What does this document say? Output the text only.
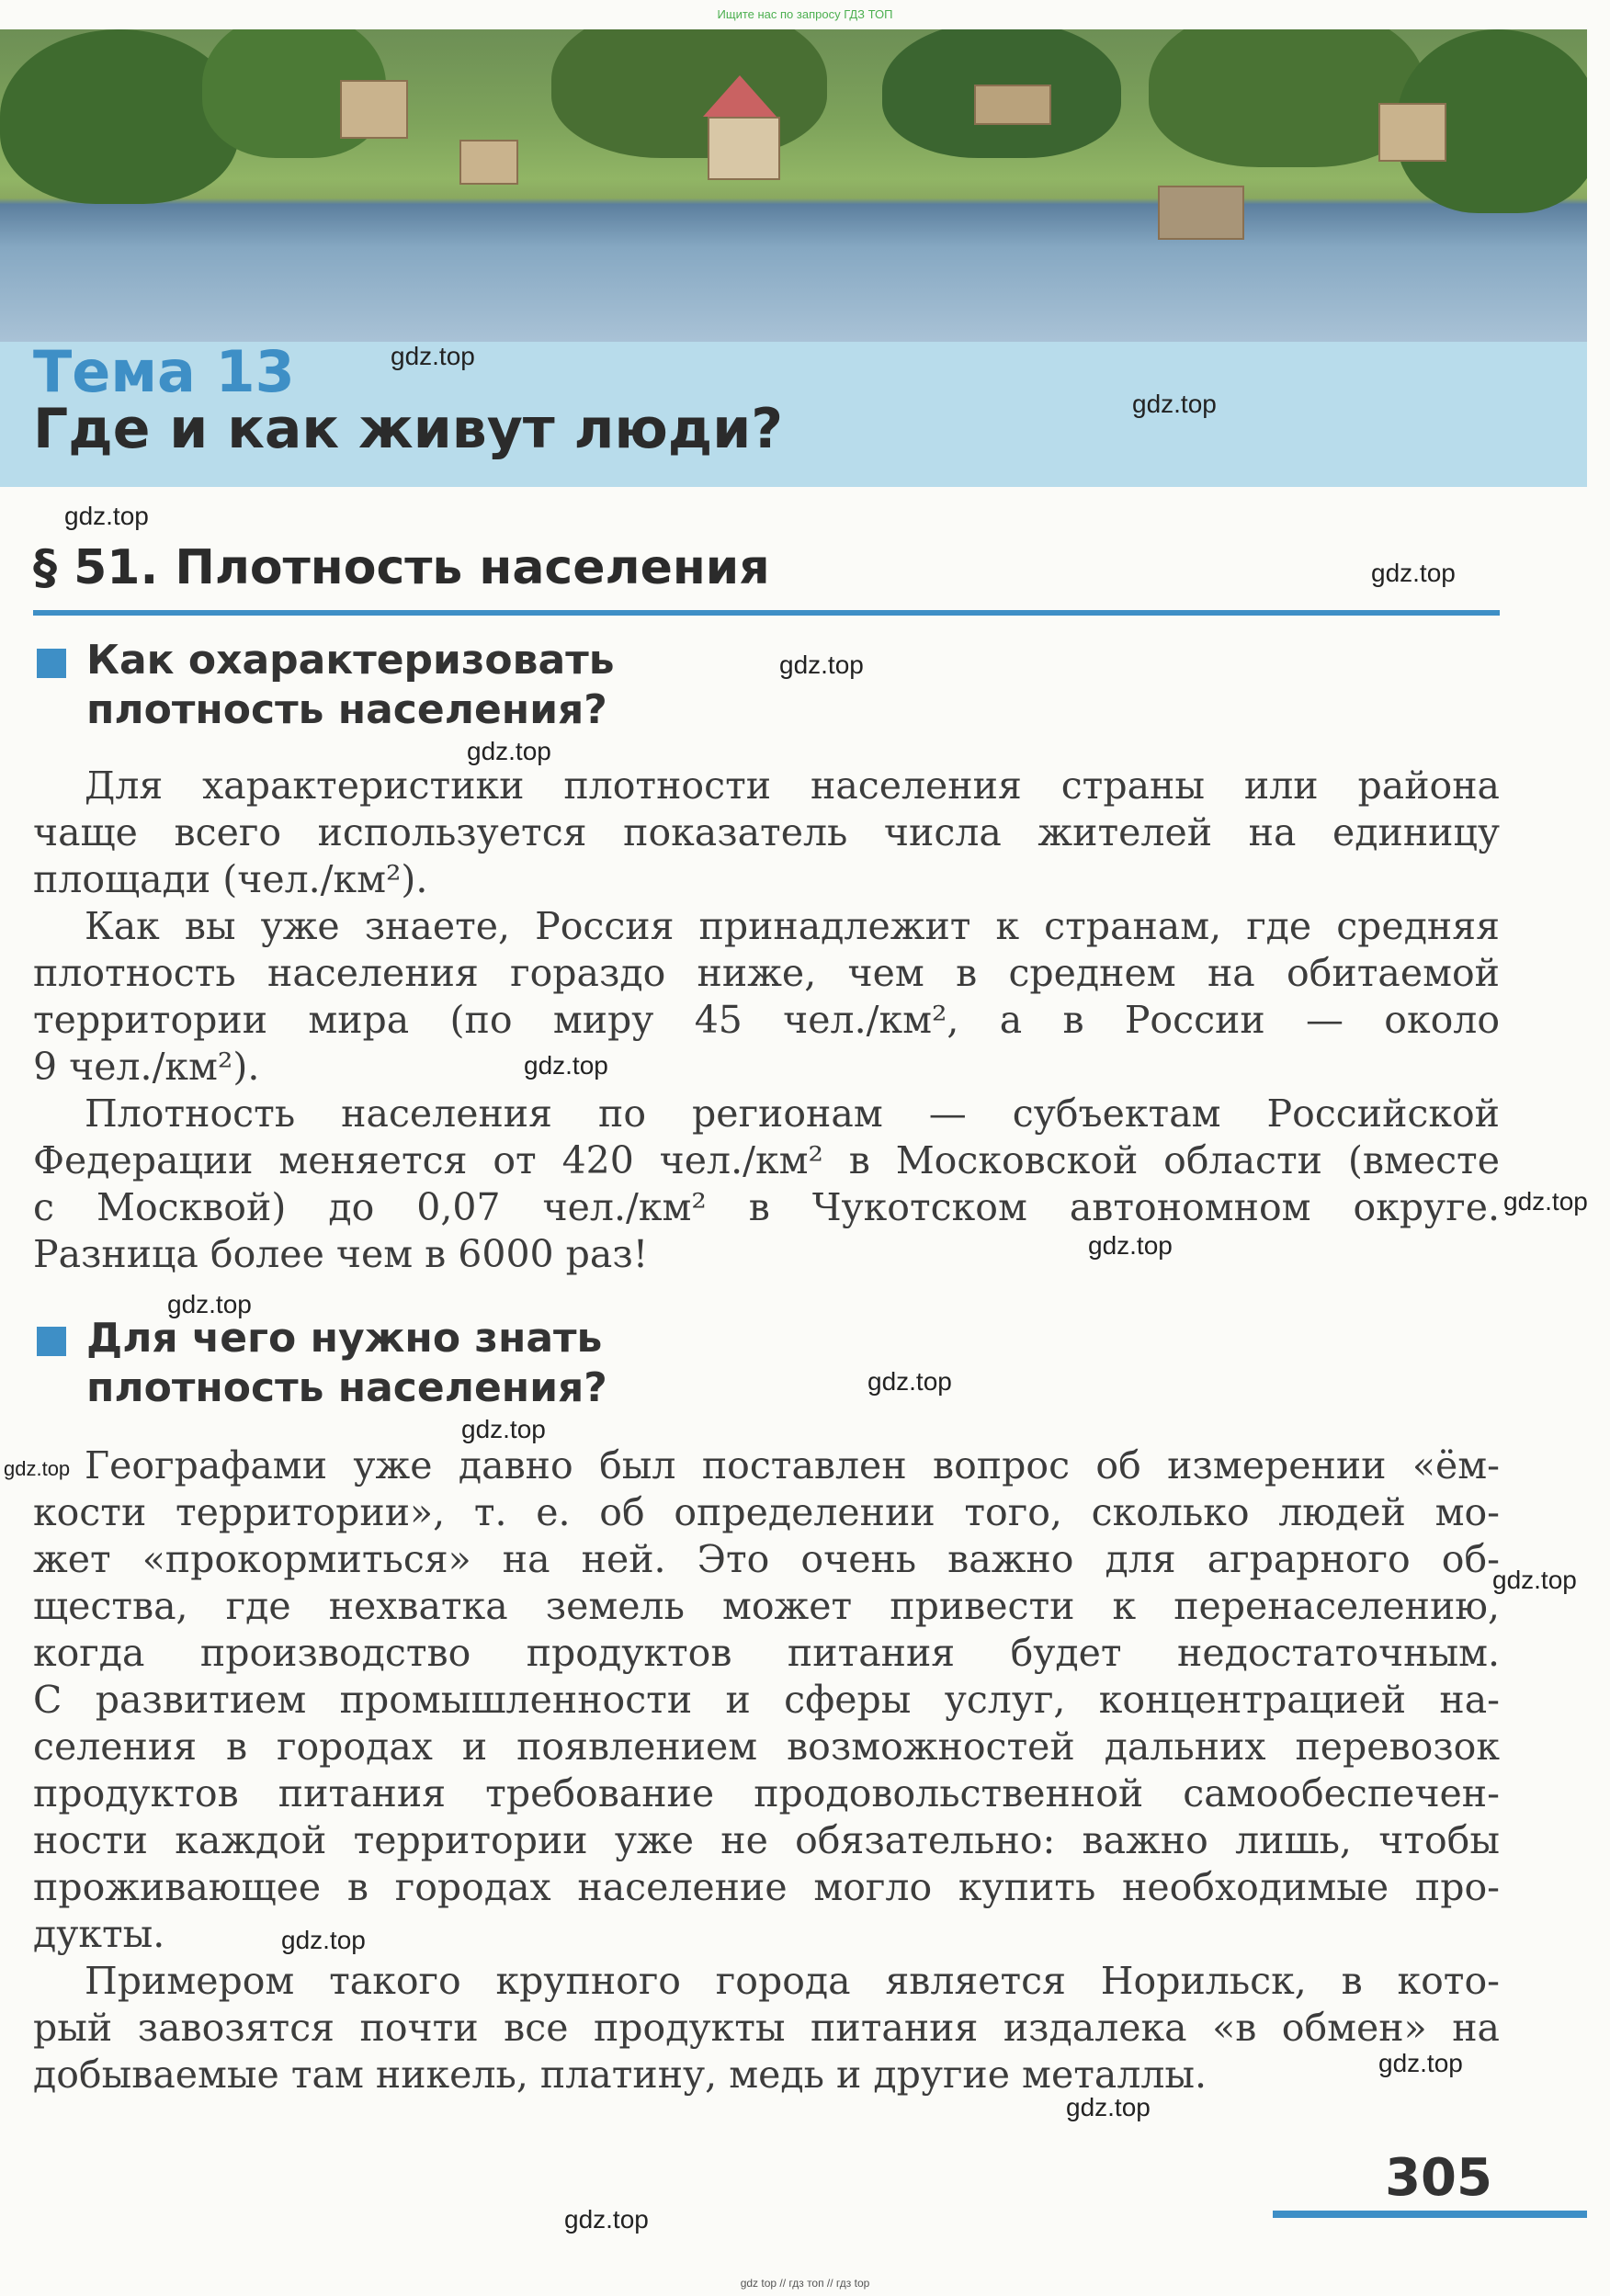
Ищите нас по запросу ГДЗ ТОП
Тема 13
Где и как живут люди?
§ 51. Плотность населения
Как охарактеризовать
плотность населения?
Для характеристики плотности населения страны или района
чаще всего используется показатель числа жителей на единицу
площади (чел./км²).
Как вы уже знаете, Россия принадлежит к странам, где средняя
плотность населения гораздо ниже, чем в среднем на обитаемой
территории мира (по миру 45 чел./км², а в России — около
9 чел./км²).
Плотность населения по регионам — субъектам Российской
Федерации меняется от 420 чел./км² в Московской области (вместе
с Москвой) до 0,07 чел./км² в Чукотском автономном округе.
Разница более чем в 6000 раз!
Для чего нужно знать
плотность населения?
Географами уже давно был поставлен вопрос об измерении «ём-
кости территории», т. е. об определении того, сколько людей мо-
жет «прокормиться» на ней. Это очень важно для аграрного об-
щества, где нехватка земель может привести к перенаселению,
когда производство продуктов питания будет недостаточным.
С развитием промышленности и сферы услуг, концентрацией на-
селения в городах и появлением возможностей дальних перевозок
продуктов питания требование продовольственной самообеспечен-
ности каждой территории уже не обязательно: важно лишь, чтобы
проживающее в городах население могло купить необходимые про-
дукты.
Примером такого крупного города является Норильск, в кото-
рый завозятся почти все продукты питания издалека «в обмен» на
добываемые там никель, платину, медь и другие металлы.
gdz.top
gdz.top
gdz.top
gdz.top
gdz.top
gdz.top
gdz.top
gdz.top
gdz.top
gdz.top
gdz.top
gdz.top
gdz.top
gdz.top
gdz.top
gdz.top
gdz.top
gdz.top
305
gdz top // гдз топ // гдз top
